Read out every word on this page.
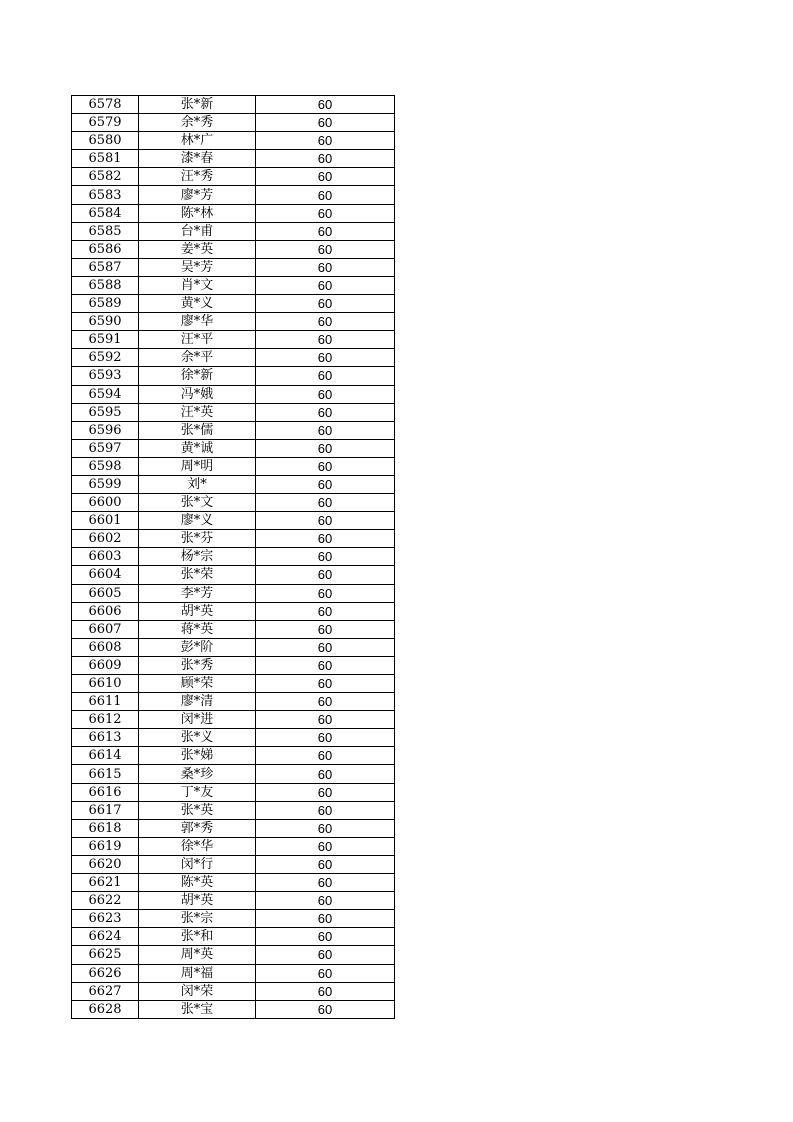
6578	张*新	60
6579	余*秀	60
6580	林*广	60
6581	漆*春	60
6582	汪*秀	60
6583	廖*芳	60
6584	陈*林	60
6585	台*甫	60
6586	姜*英	60
6587	吴*芳	60
6588	肖*文	60
6589	黄*义	60
6590	廖*华	60
6591	汪*平	60
6592	余*平	60
6593	徐*新	60
6594	冯*娥	60
6595	汪*英	60
6596	张*儒	60
6597	黄*诚	60
6598	周*明	60
6599	刘*	60
6600	张*文	60
6601	廖*义	60
6602	张*芬	60
6603	杨*宗	60
6604	张*荣	60
6605	李*芳	60
6606	胡*英	60
6607	蒋*英	60
6608	彭*阶	60
6609	张*秀	60
6610	顾*荣	60
6611	廖*清	60
6612	闵*进	60
6613	张*义	60
6614	张*娣	60
6615	桑*珍	60
6616	丁*友	60
6617	张*英	60
6618	郭*秀	60
6619	徐*华	60
6620	闵*行	60
6621	陈*英	60
6622	胡*英	60
6623	张*宗	60
6624	张*和	60
6625	周*英	60
6626	周*福	60
6627	闵*荣	60
6628	张*宝	60
